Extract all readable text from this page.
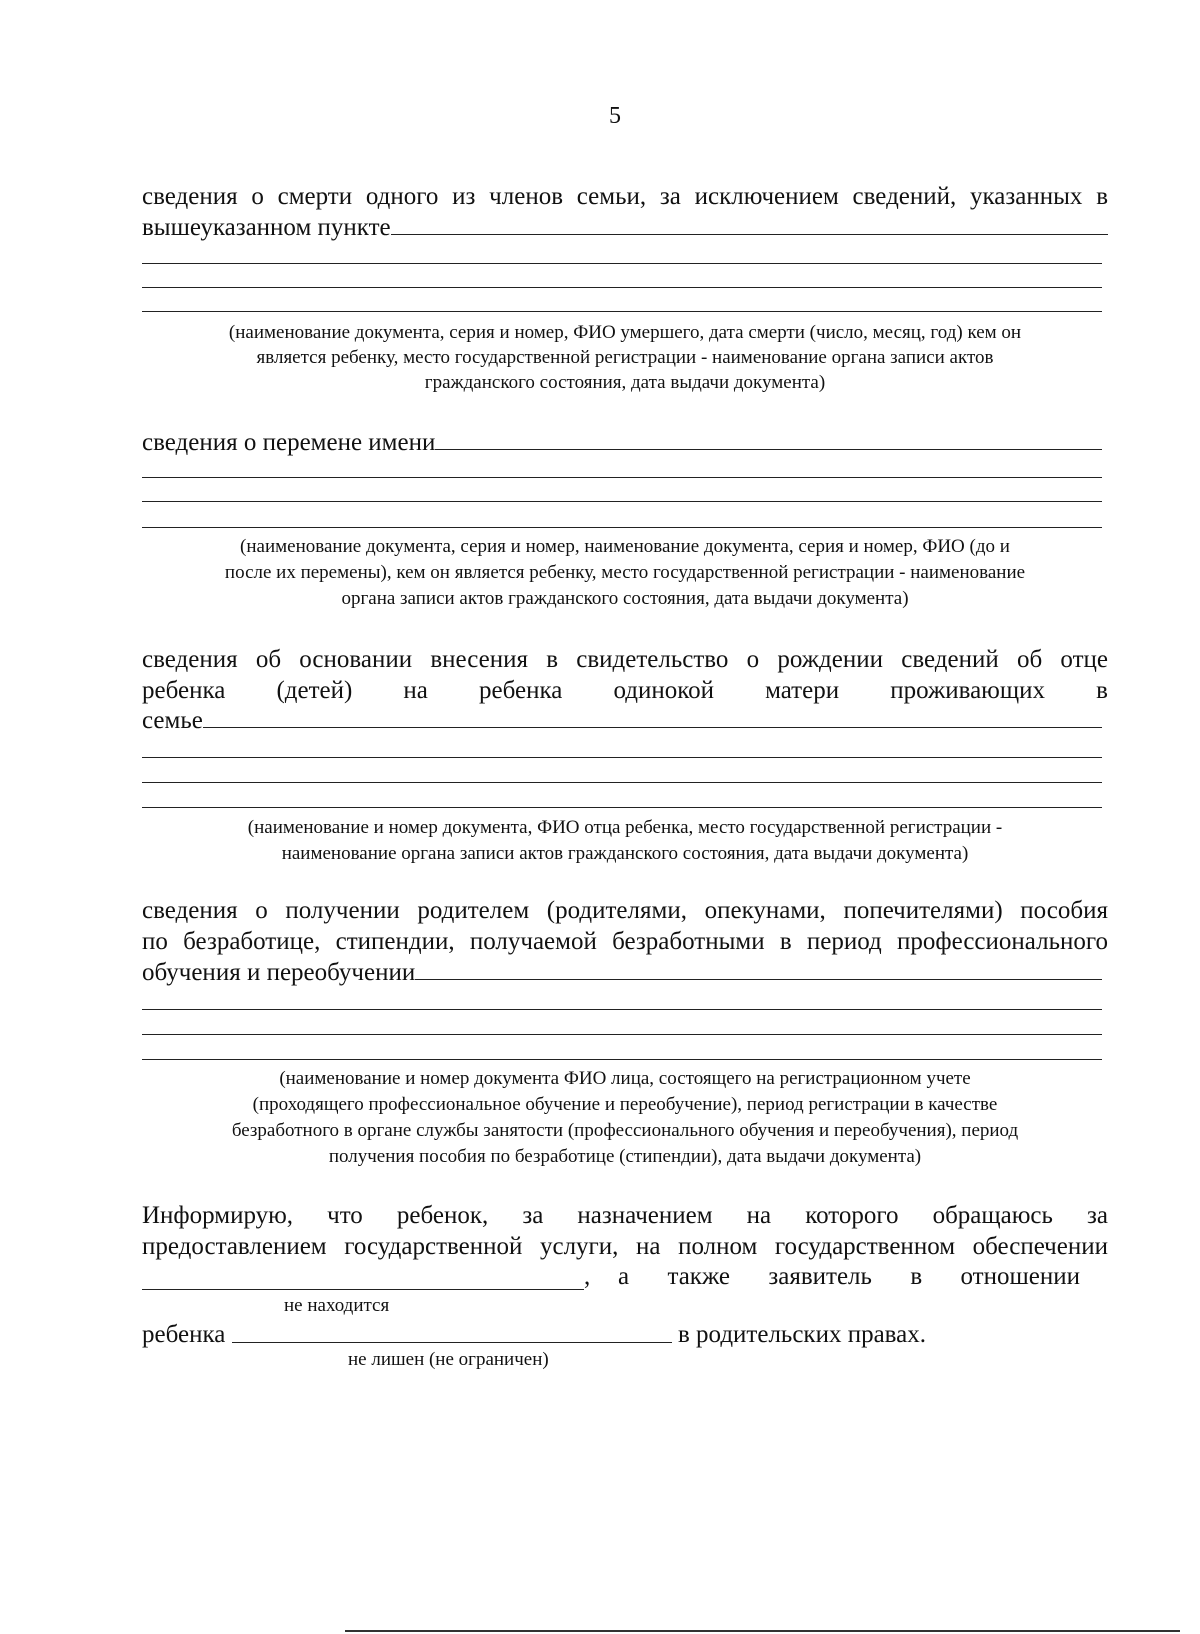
5
сведения о смерти одного из членов семьи, за исключением сведений, указанных в
вышеуказанном пункте
(наименование документа, серия и номер, ФИО умершего, дата смерти (число, месяц, год) кем он
является ребенку, место государственной регистрации - наименование органа записи актов
гражданского состояния, дата выдачи документа)
сведения о перемене имени
(наименование документа, серия и номер, наименование документа, серия и номер, ФИО (до и
после их перемены), кем он является ребенку, место государственной регистрации - наименование
органа записи актов гражданского состояния, дата выдачи документа)
сведения об основании внесения в свидетельство о рождении сведений об отце
ребенка (детей) на ребенка одинокой матери проживающих в
семье
(наименование и номер документа, ФИО отца ребенка, место государственной регистрации -
наименование органа записи актов гражданского состояния, дата выдачи документа)
сведения о получении родителем (родителями, опекунами, попечителями) пособия
по безработице, стипендии, получаемой безработными в период профессионального
обучения и переобучении
(наименование и номер документа ФИО лица, состоящего на регистрационном учете
(проходящего профессиональное обучение и переобучение), период регистрации в качестве
безработного в органе службы занятости (профессионального обучения и переобучения), период
получения пособия по безработице (стипендии), дата выдачи документа)
Информирую, что ребенок, за назначением на которого обращаюсь за
предоставлением государственной услуги, на полном государственном обеспечении
, а также заявитель в отношении
не находится
ребенка	в родительских правах.
не лишен (не ограничен)
